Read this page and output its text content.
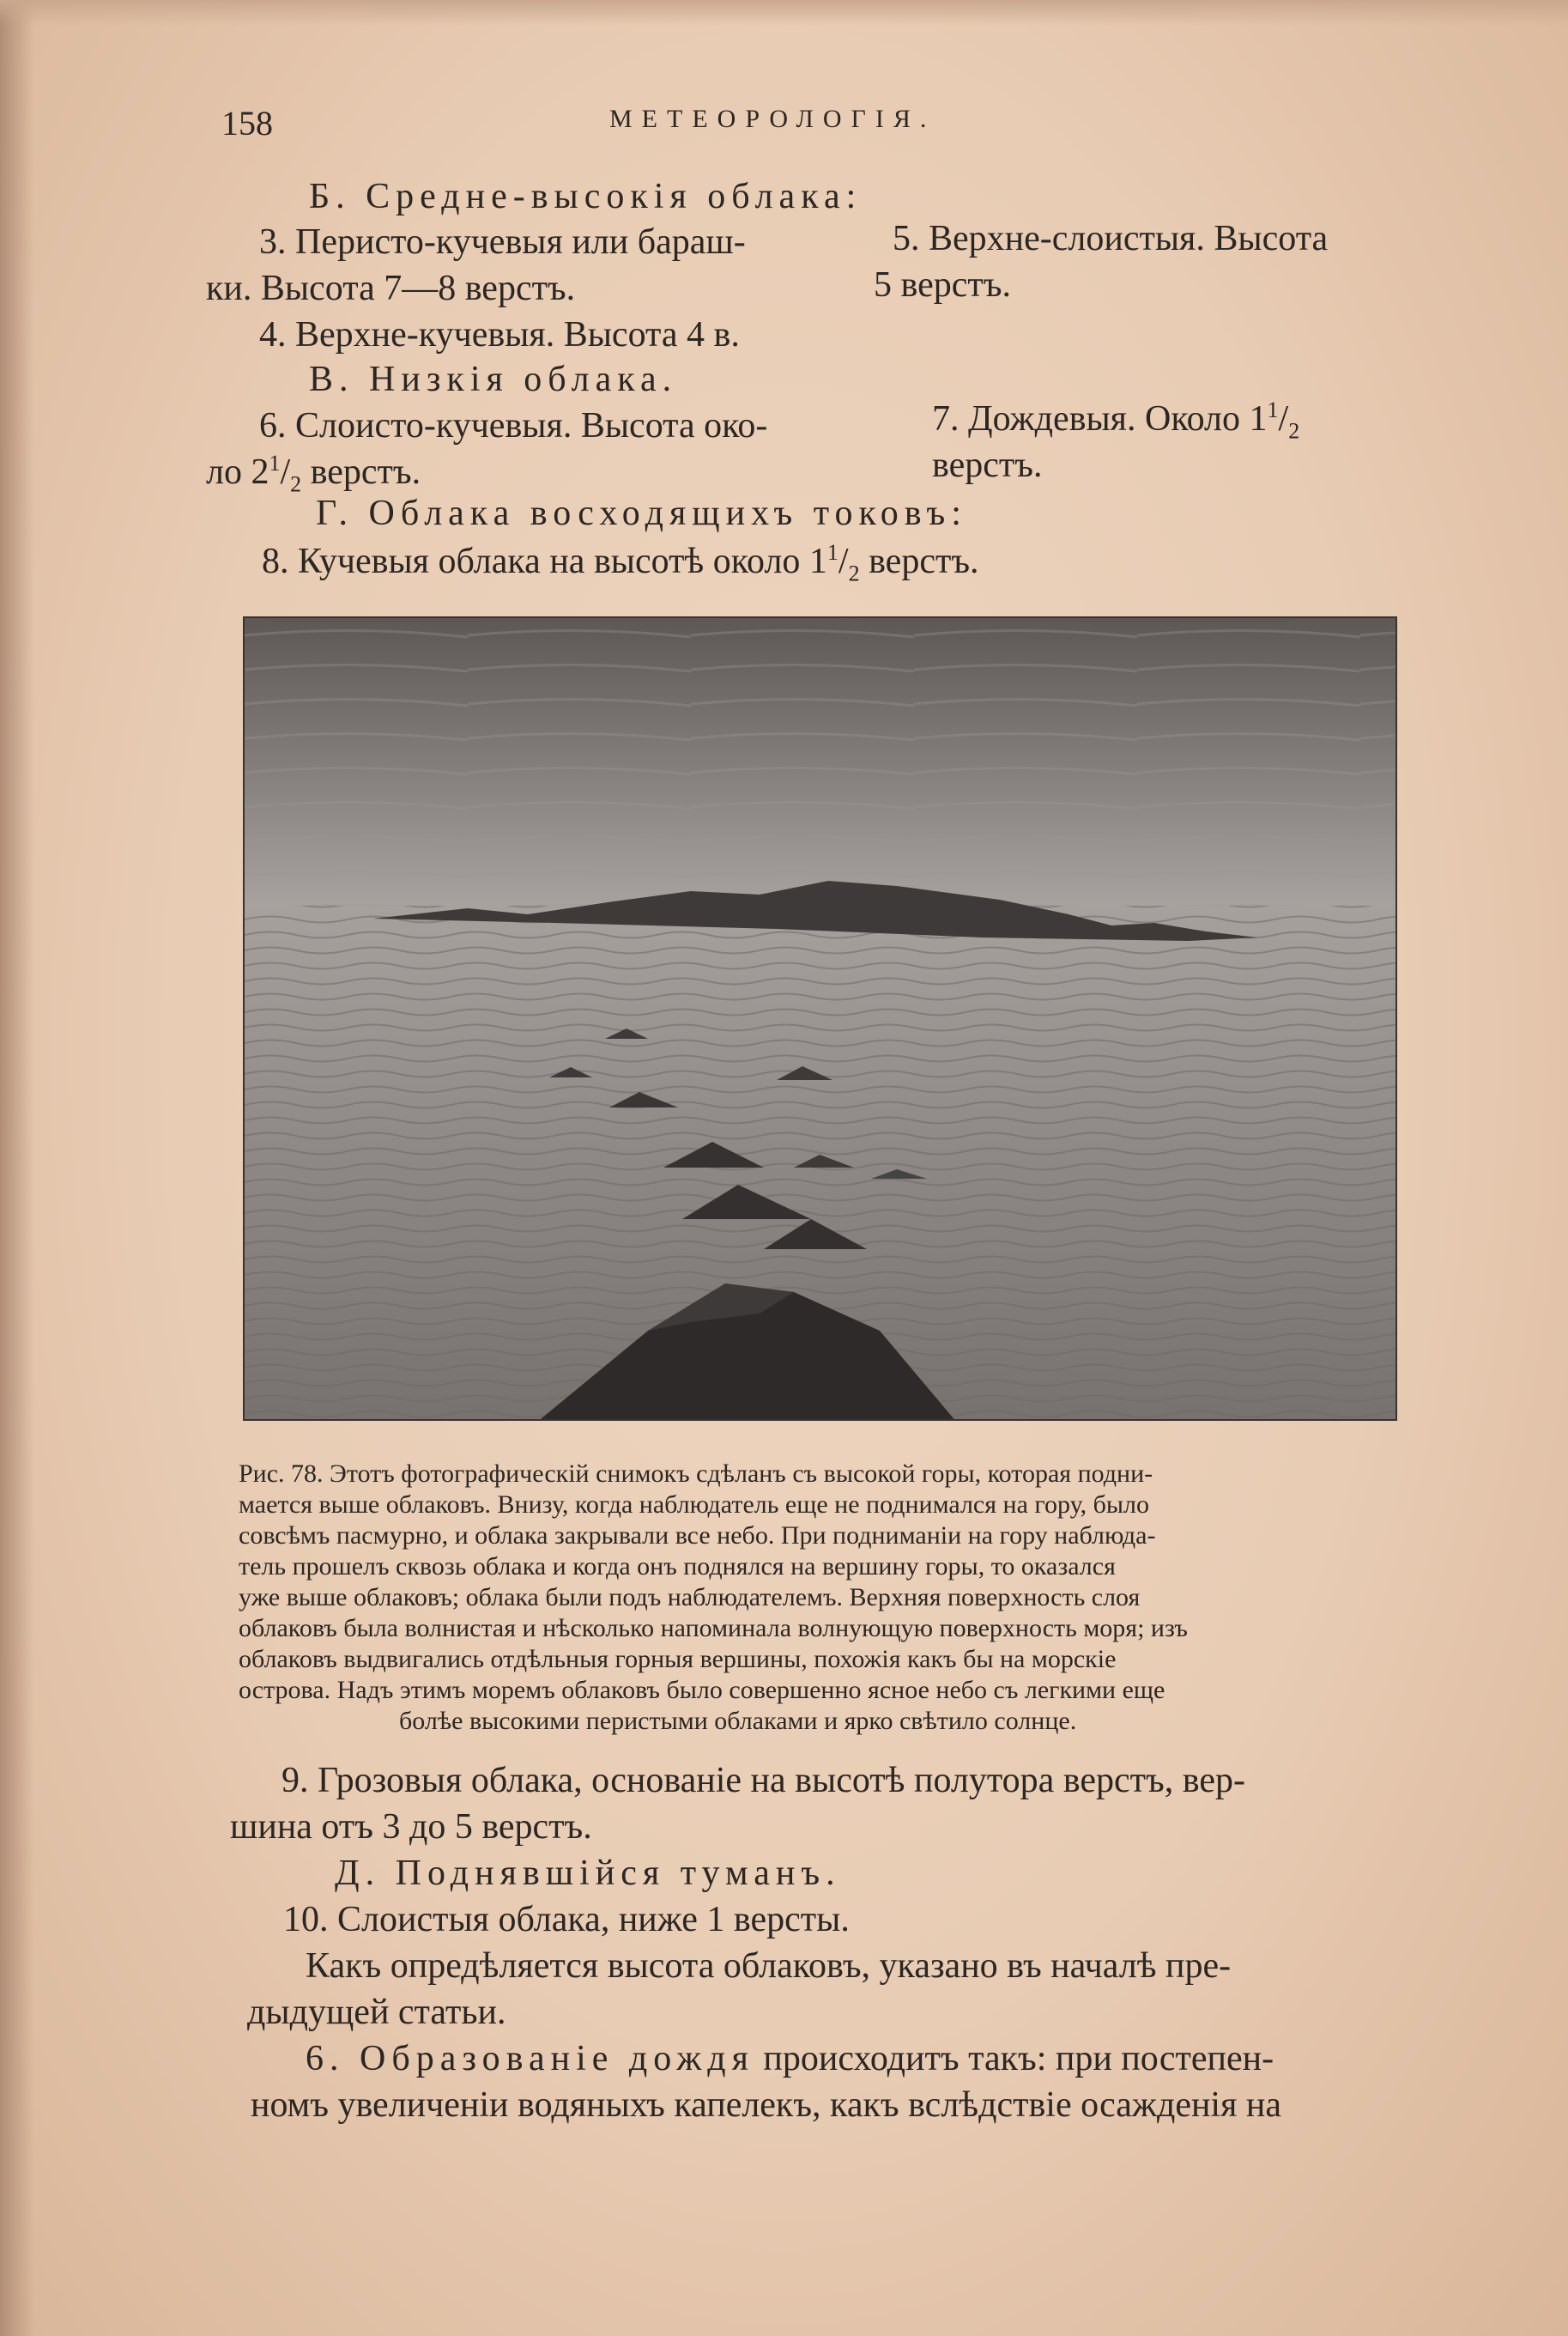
158	МЕТЕОРОЛОГIЯ.
Б. Средне-высокiя облака:
3. Перисто-кучевыя или бараш-
ки. Высота 7—8 верстъ.
5. Верхне-слоистыя. Высота
5 верстъ.
4. Верхне-кучевыя. Высота 4 в.
В. Низкiя облака.
6. Слоисто-кучевыя. Высота око-
ло $2^1/_2$ верстъ.
7. Дождевыя. Около $1^1/_2$
верстъ.
Г. Облака восходящихъ токовъ:
8. Кучевыя облака на высотѣ около $1^1/_2$ верстъ.
Рис. 78. Этотъ фотографическiй снимокъ сдѣланъ съ высокой горы, которая подни-
мается выше облаковъ. Внизу, когда наблюдатель еще не поднимался на гору, было
совсѣмъ пасмурно, и облака закрывали все небо. При подниманiи на гору наблюда-
тель прошелъ сквозь облака и когда онъ поднялся на вершину горы, то оказался
уже выше облаковъ; облака были подъ наблюдателемъ. Верхняя поверхность слоя
облаковъ была волнистая и нѣсколько напоминала волнующую поверхность моря; изъ
облаковъ выдвигались отдѣльныя горныя вершины, похожiя какъ бы на морскiе
острова. Надъ этимъ моремъ облаковъ было совершенно ясное небо съ легкими еще
болѣе высокими перистыми облаками и ярко свѣтило солнце.
9. Грозовыя облака, основанiе на высотѣ полутора верстъ, вер-
шина отъ 3 до 5 верстъ.
Д. Поднявшiйся туманъ.
10. Слоистыя облака, ниже 1 версты.
Какъ опредѣляется высота облаковъ, указано въ началѣ пре-
дыдущей статьи.
6. Образованiе дождя происходитъ такъ: при постепен-
номъ увеличенiи водяныхъ капелекъ, какъ вслѣдствiе осажденiя на
